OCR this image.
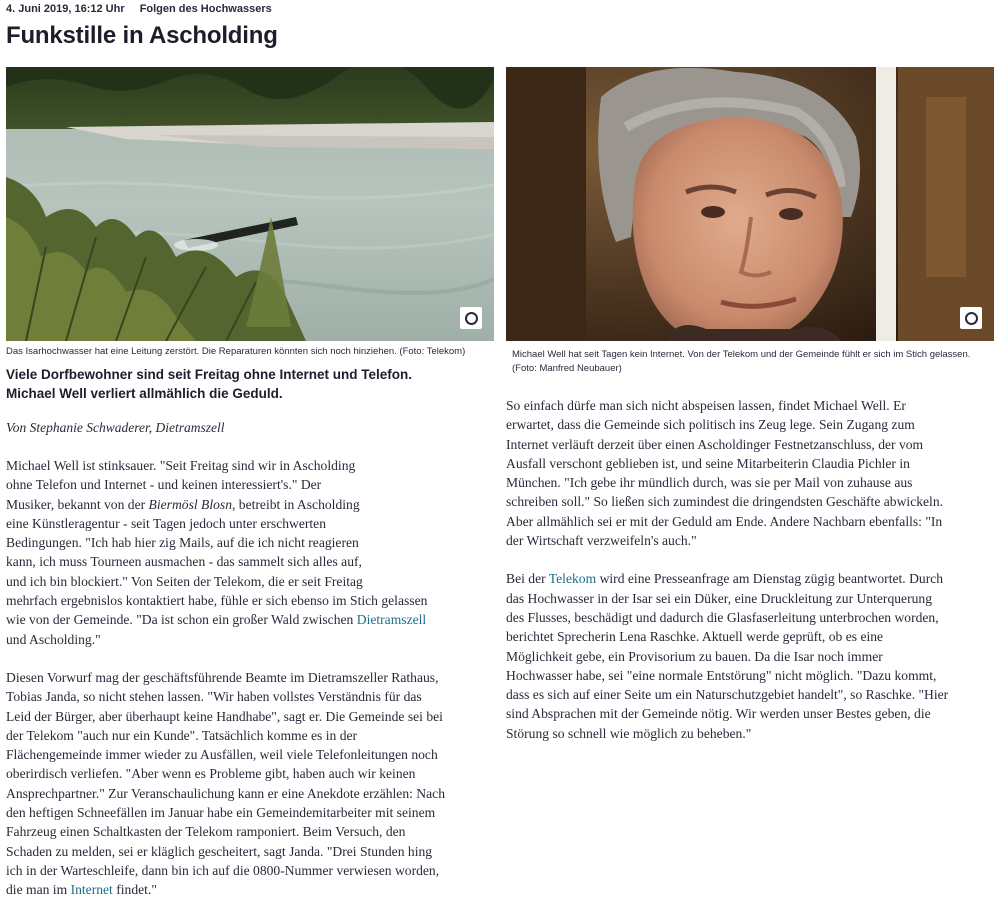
4. Juni 2019, 16:12 Uhr Folgen des Hochwassers
Funkstille in Ascholding
Das Isarhochwasser hat eine Leitung zerstört. Die Reparaturen könnten sich noch hinziehen. (Foto: Telekom)	Michael Well hat seit Tagen kein Internet. Von der Telekom und der Gemeinde fühlt er sich im Stich gelassen.
(Foto: Manfred Neubauer)
Viele Dorfbewohner sind seit Freitag ohne Internet und Telefon.
Michael Well verliert allmählich die Geduld.
Von Stephanie Schwaderer, Dietramszell

Michael Well ist stinksauer. "Seit Freitag sind wir in Ascholding
ohne Telefon und Internet - und keinen interessiert's." Der
Musiker, bekannt von der Biermösl Blosn, betreibt in Ascholding
eine Künstleragentur - seit Tagen jedoch unter erschwerten
Bedingungen. "Ich hab hier zig Mails, auf die ich nicht reagieren
kann, ich muss Tourneen ausmachen - das sammelt sich alles auf,
und ich bin blockiert." Von Seiten der Telekom, die er seit Freitag
mehrfach ergebnislos kontaktiert habe, fühle er sich ebenso im Stich gelassen
wie von der Gemeinde. "Da ist schon ein großer Wald zwischen Dietramszell
und Ascholding."

Diesen Vorwurf mag der geschäftsführende Beamte im Dietramszeller Rathaus,
Tobias Janda, so nicht stehen lassen. "Wir haben vollstes Verständnis für das
Leid der Bürger, aber überhaupt keine Handhabe", sagt er. Die Gemeinde sei bei
der Telekom "auch nur ein Kunde". Tatsächlich komme es in der
Flächengemeinde immer wieder zu Ausfällen, weil viele Telefonleitungen noch
oberirdisch verliefen. "Aber wenn es Probleme gibt, haben auch wir keinen
Ansprechpartner." Zur Veranschaulichung kann er eine Anekdote erzählen: Nach
den heftigen Schneefällen im Januar habe ein Gemeindemitarbeiter mit seinem
Fahrzeug einen Schaltkasten der Telekom ramponiert. Beim Versuch, den
Schaden zu melden, sei er kläglich gescheitert, sagt Janda. "Drei Stunden hing
ich in der Warteschleife, dann bin ich auf die 0800-Nummer verwiesen worden,
die man im Internet findet."

So einfach dürfe man sich nicht abspeisen lassen, findet Michael Well. Er
erwartet, dass die Gemeinde sich politisch ins Zeug lege. Sein Zugang zum
Internet verläuft derzeit über einen Ascholdinger Festnetzanschluss, der vom
Ausfall verschont geblieben ist, und seine Mitarbeiterin Claudia Pichler in
München. "Ich gebe ihr mündlich durch, was sie per Mail von zuhause aus
schreiben soll." So ließen sich zumindest die dringendsten Geschäfte abwickeln.
Aber allmählich sei er mit der Geduld am Ende. Andere Nachbarn ebenfalls: "In
der Wirtschaft verzweifeln's auch."

Bei der Telekom wird eine Presseanfrage am Dienstag zügig beantwortet. Durch
das Hochwasser in der Isar sei ein Düker, eine Druckleitung zur Unterquerung
des Flusses, beschädigt und dadurch die Glasfaserleitung unterbrochen worden,
berichtet Sprecherin Lena Raschke. Aktuell werde geprüft, ob es eine
Möglichkeit gebe, ein Provisorium zu bauen. Da die Isar noch immer
Hochwasser habe, sei "eine normale Entstörung" nicht möglich. "Dazu kommt,
dass es sich auf einer Seite um ein Naturschutzgebiet handelt", so Raschke. "Hier
sind Absprachen mit der Gemeinde nötig. Wir werden unser Bestes geben, die
Störung so schnell wie möglich zu beheben."
